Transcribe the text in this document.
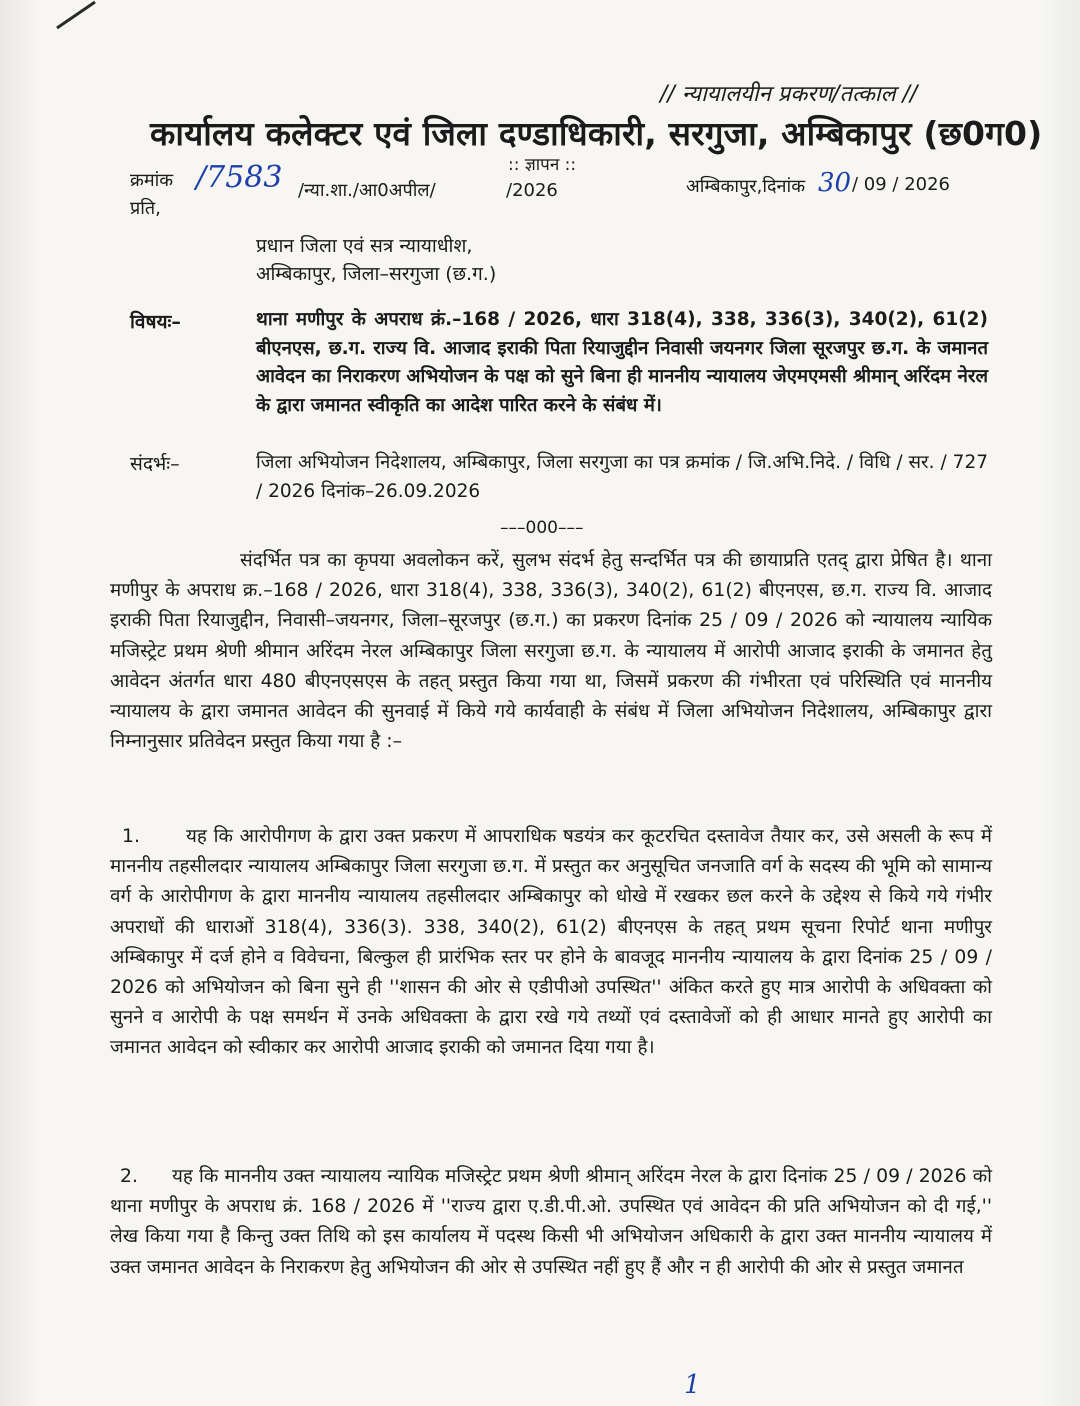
// न्यायालयीन प्रकरण/तत्काल //
कार्यालय कलेक्टर एवं जिला दण्डाधिकारी, सरगुजा, अम्बिकापुर (छ0ग0)
:: ज्ञापन ::
क्रमांक /7583 /न्या.शा./आ0अपील/	/2026	अम्बिकापुर,दिनांक 30 / 09 / 2026
प्रति,
प्रधान जिला एवं सत्र न्यायाधीश,
अम्बिकापुर, जिला–सरगुजा (छ.ग.)
विषयः–	थाना मणीपुर के अपराध क्रं.–168 / 2026, धारा 318(4), 338, 336(3), 340(2), 61(2) बीएनएस, छ.ग. राज्य वि. आजाद इराकी पिता रियाजुद्दीन निवासी जयनगर जिला सूरजपुर छ.ग. के जमानत आवेदन का निराकरण अभियोजन के पक्ष को सुने बिना ही माननीय न्यायालय जेएमएमसी श्रीमान् अरिंदम नेरल के द्वारा जमानत स्वीकृति का आदेश पारित करने के संबंध में।
संदर्भः–	जिला अभियोजन निदेशालय, अम्बिकापुर, जिला सरगुजा का पत्र क्रमांक / जि.अभि.निदे. / विधि / सर. / 727 / 2026 दिनांक–26.09.2026
–––000–––
संदर्भित पत्र का कृपया अवलोकन करें, सुलभ संदर्भ हेतु सन्दर्भित पत्र की छायाप्रति एतद् द्वारा प्रेषित है। थाना मणीपुर के अपराध क्र.–168 / 2026, धारा 318(4), 338, 336(3), 340(2), 61(2) बीएनएस, छ.ग. राज्य वि. आजाद इराकी पिता रियाजुद्दीन, निवासी–जयनगर, जिला–सूरजपुर (छ.ग.) का प्रकरण दिनांक 25 / 09 / 2026 को न्यायालय न्यायिक मजिस्ट्रेट प्रथम श्रेणी श्रीमान अरिंदम नेरल अम्बिकापुर जिला सरगुजा छ.ग. के न्यायालय में आरोपी आजाद इराकी के जमानत हेतु आवेदन अंतर्गत धारा 480 बीएनएसएस के तहत् प्रस्तुत किया गया था, जिसमें प्रकरण की गंभीरता एवं परिस्थिति एवं माननीय न्यायालय के द्वारा जमानत आवेदन की सुनवाई में किये गये कार्यवाही के संबंध में जिला अभियोजन निदेशालय, अम्बिकापुर द्वारा निम्नानुसार प्रतिवेदन प्रस्तुत किया गया है :–
1. यह कि आरोपीगण के द्वारा उक्त प्रकरण में आपराधिक षडयंत्र कर कूटरचित दस्तावेज तैयार कर, उसे असली के रूप में माननीय तहसीलदार न्यायालय अम्बिकापुर जिला सरगुजा छ.ग. में प्रस्तुत कर अनुसूचित जनजाति वर्ग के सदस्य की भूमि को सामान्य वर्ग के आरोपीगण के द्वारा माननीय न्यायालय तहसीलदार अम्बिकापुर को धोखे में रखकर छल करने के उद्देश्य से किये गये गंभीर अपराधों की धाराओं 318(4), 336(3). 338, 340(2), 61(2) बीएनएस के तहत् प्रथम सूचना रिपोर्ट थाना मणीपुर अम्बिकापुर में दर्ज होने व विवेचना, बिल्कुल ही प्रारंभिक स्तर पर होने के बावजूद माननीय न्यायालय के द्वारा दिनांक 25 / 09 / 2026 को अभियोजन को बिना सुने ही ''शासन की ओर से एडीपीओ उपस्थित'' अंकित करते हुए मात्र आरोपी के अधिवक्ता को सुनने व आरोपी के पक्ष समर्थन में उनके अधिवक्ता के द्वारा रखे गये तथ्यों एवं दस्तावेजों को ही आधार मानते हुए आरोपी का जमानत आवेदन को स्वीकार कर आरोपी आजाद इराकी को जमानत दिया गया है।
2. यह कि माननीय उक्त न्यायालय न्यायिक मजिस्ट्रेट प्रथम श्रेणी श्रीमान् अरिंदम नेरल के द्वारा दिनांक 25 / 09 / 2026 को थाना मणीपुर के अपराध क्रं. 168 / 2026 में ''राज्य द्वारा ए.डी.पी.ओ. उपस्थित एवं आवेदन की प्रति अभियोजन को दी गई,'' लेख किया गया है किन्तु उक्त तिथि को इस कार्यालय में पदस्थ किसी भी अभियोजन अधिकारी के द्वारा उक्त माननीय न्यायालय में उक्त जमानत आवेदन के निराकरण हेतु अभियोजन की ओर से उपस्थित नहीं हुए हैं और न ही आरोपी की ओर से प्रस्तुत जमानत
1
